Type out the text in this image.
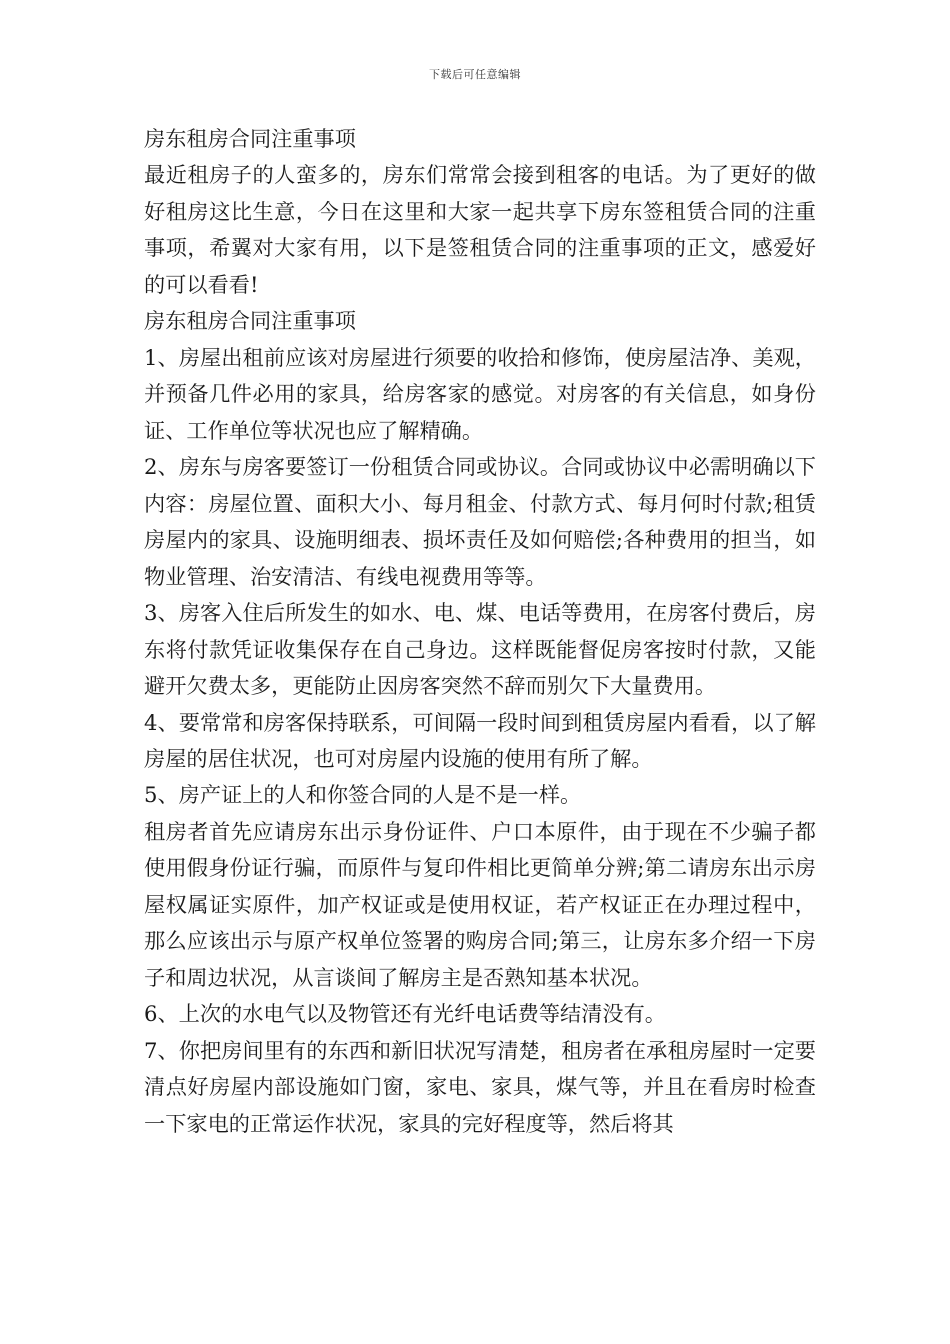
下载后可任意编辑

房东租房合同注重事项

最近租房子的人蛮多的，房东们常常会接到租客的电话。为了更好的做好租房这比生意，今日在这里和大家一起共享下房东签租赁合同的注重事项，希翼对大家有用，以下是签租赁合同的注重事项的正文，感爱好的可以看看!

房东租房合同注重事项

1、房屋出租前应该对房屋进行须要的收拾和修饰，使房屋洁净、美观，并预备几件必用的家具，给房客家的感觉。对房客的有关信息，如身份证、工作单位等状况也应了解精确。

2、房东与房客要签订一份租赁合同或协议。合同或协议中必需明确以下内容：房屋位置、面积大小、每月租金、付款方式、每月何时付款;租赁房屋内的家具、设施明细表、损坏责任及如何赔偿;各种费用的担当，如物业管理、治安清洁、有线电视费用等等。

3、房客入住后所发生的如水、电、煤、电话等费用，在房客付费后，房东将付款凭证收集保存在自己身边。这样既能督促房客按时付款，又能避开欠费太多，更能防止因房客突然不辞而别欠下大量费用。

4、要常常和房客保持联系，可间隔一段时间到租赁房屋内看看，以了解房屋的居住状况，也可对房屋内设施的使用有所了解。

5、房产证上的人和你签合同的人是不是一样。

租房者首先应请房东出示身份证件、户口本原件，由于现在不少骗子都使用假身份证行骗，而原件与复印件相比更简单分辨;第二请房东出示房屋权属证实原件，加产权证或是使用权证，若产权证正在办理过程中，那么应该出示与原产权单位签署的购房合同;第三，让房东多介绍一下房子和周边状况，从言谈间了解房主是否熟知基本状况。

6、上次的水电气以及物管还有光纤电话费等结清没有。

7、你把房间里有的东西和新旧状况写清楚，租房者在承租房屋时一定要清点好房屋内部设施如门窗，家电、家具，煤气等，并且在看房时检查一下家电的正常运作状况，家具的完好程度等，然后将其
